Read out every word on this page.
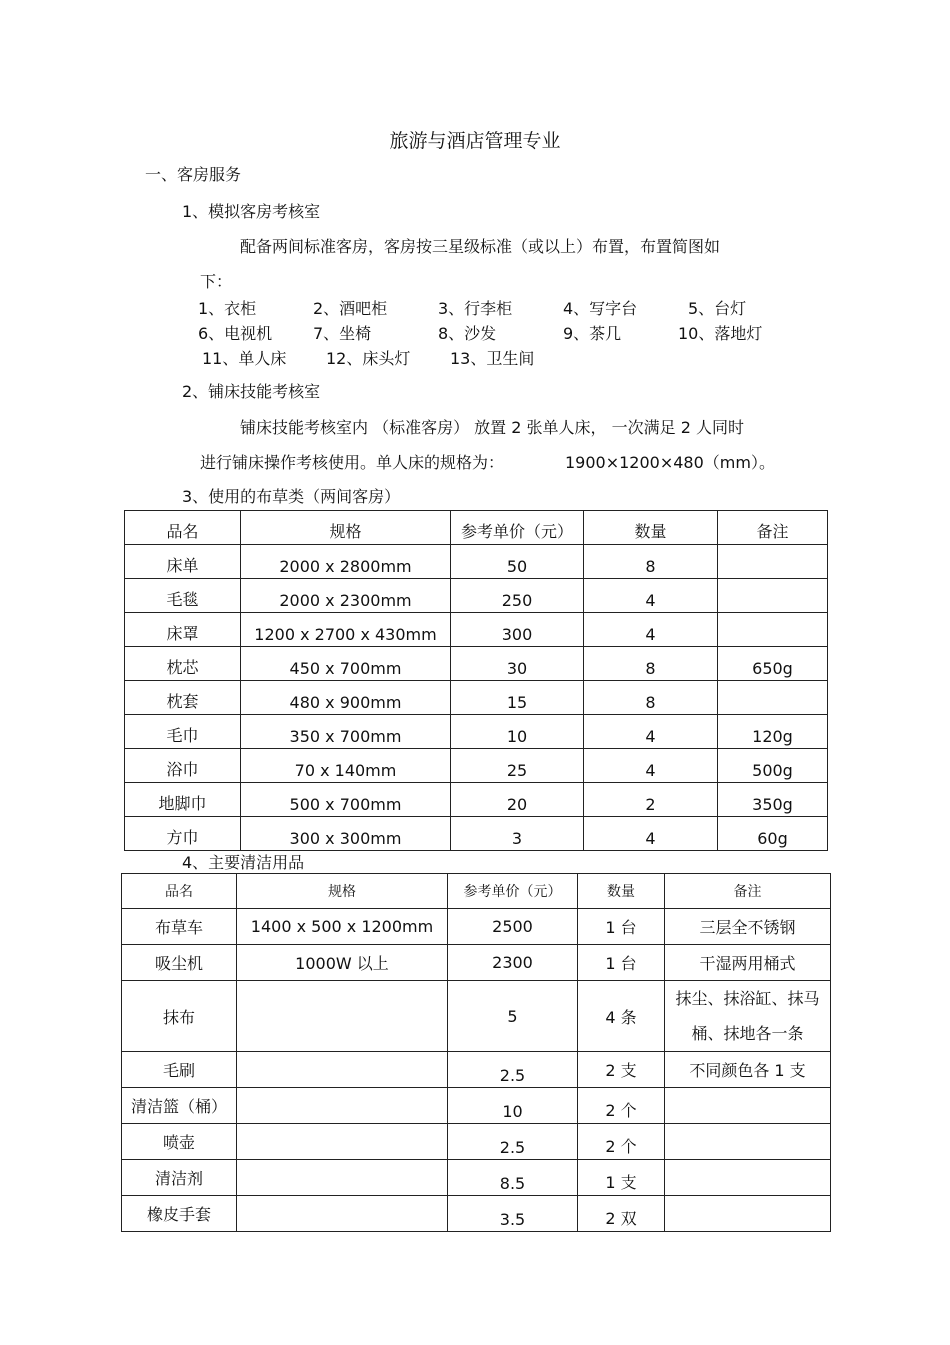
旅游与酒店管理专业
一、客房服务
1、模拟客房考核室
配备两间标准客房，客房按三星级标准（或以上）布置，布置简图如
下：
1、衣柜	2、酒吧柜	3、行李柜	4、写字台	5、台灯
6、电视机	7、坐椅	8、沙发	9、茶几	10、落地灯
11、单人床 12、床头灯 13、卫生间
2、铺床技能考核室
铺床技能考核室内 （标准客房） 放置 2 张单人床， 一次满足 2 人同时
进行铺床操作考核使用。单人床的规格为：	1900×1200×480（mm）。
3、使用的布草类（两间客房）
品名	规格	参考单价（元）	数量	备注
床单	2000 x 2800mm	50	8	
毛毯	2000 x 2300mm	250	4	
床罩	1200 x 2700 x 430mm	300	4	
枕芯	450 x 700mm	30	8	650g
枕套	480 x 900mm	15	8	
毛巾	350 x 700mm	10	4	120g
浴巾	70 x 140mm	25	4	500g
地脚巾	500 x 700mm	20	2	350g
方巾	300 x 300mm	3	4	60g
4、主要清洁用品
品名	规格	参考单价（元）	数量	备注
布草车	1400 x 500 x 1200mm	2500	1 台	三层全不锈钢
吸尘机	1000W 以上	2300	1 台	干湿两用桶式
抹布		5	4 条	抹尘、抹浴缸、抹马桶、抹地各一条
毛刷		2.5	2 支	不同颜色各 1 支
清洁篮（桶）		10	2 个	
喷壶		2.5	2 个	
清洁剂		8.5	1 支	
橡皮手套		3.5	2 双	
